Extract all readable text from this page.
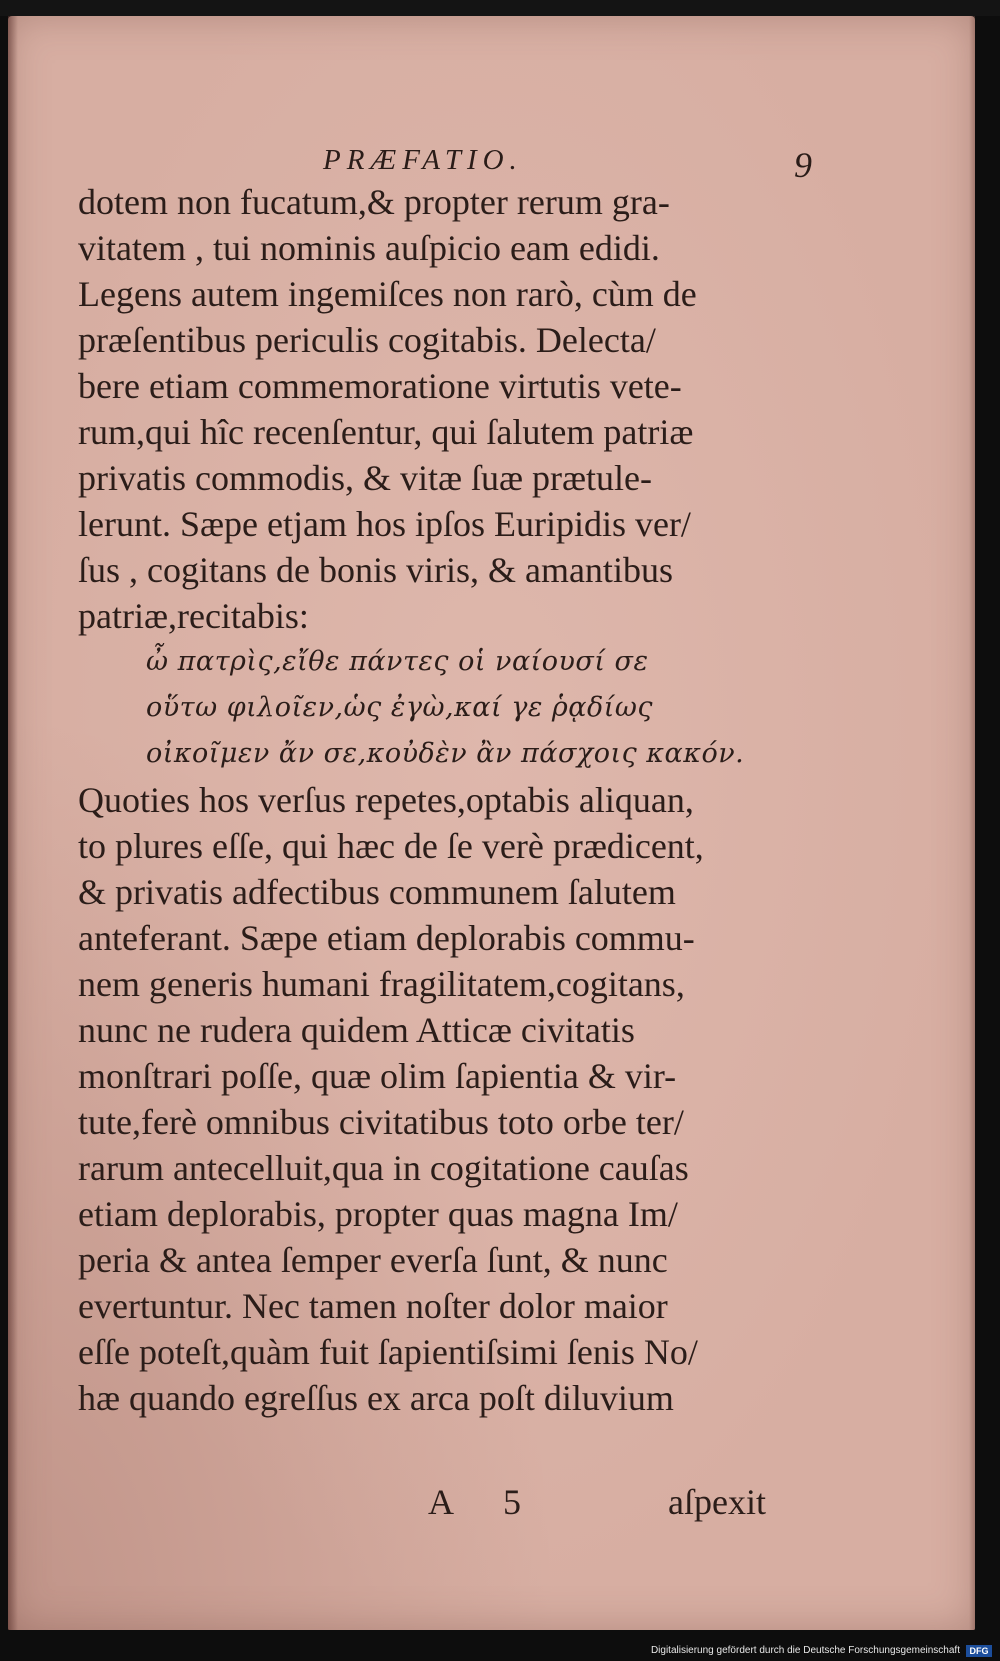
PRÆFATIO.	9
dotem non fucatum,& propter rerum gra-
vitatem , tui nominis auſpicio eam edidi.
Legens autem ingemiſces non rarò, cùm de
præſentibus periculis cogitabis. Delecta/
bere etiam commemoratione virtutis vete-
rum,qui hîc recenſentur, qui ſalutem patriæ
privatis commodis, & vitæ ſuæ prætule-
lerunt. Sæpe etjam hos ipſos Euripidis ver/
ſus , cogitans de bonis viris, & amantibus
patriæ,recitabis:
ὦ πατρὶς,εἴθε πάντες οἱ ναίουσί σε
οὕτω φιλοῖεν,ὡς ἐγὼ,καί γε ῥᾳδίως
οἰκοῖμεν ἄν σε,κοὐδὲν ἂν πάσχοις κακόν.
Quoties hos verſus repetes,optabis aliquan,
to plures eſſe, qui hæc de ſe verè prædicent,
& privatis adfectibus communem ſalutem
anteferant. Sæpe etiam deplorabis commu-
nem generis humani fragilitatem,cogitans,
nunc ne rudera quidem Atticæ civitatis
monſtrari poſſe, quæ olim ſapientia & vir-
tute,ferè omnibus civitatibus toto orbe ter/
rarum antecelluit,qua in cogitatione cauſas
etiam deplorabis, propter quas magna Im/
peria & antea ſemper everſa ſunt, & nunc
evertuntur. Nec tamen noſter dolor maior
eſſe poteſt,quàm fuit ſapientiſsimi ſenis No/
hæ quando egreſſus ex arca poſt diluvium
A 5	aſpexit
Digitalisierung gefördert durch die Deutsche Forschungsgemeinschaft	DFG
